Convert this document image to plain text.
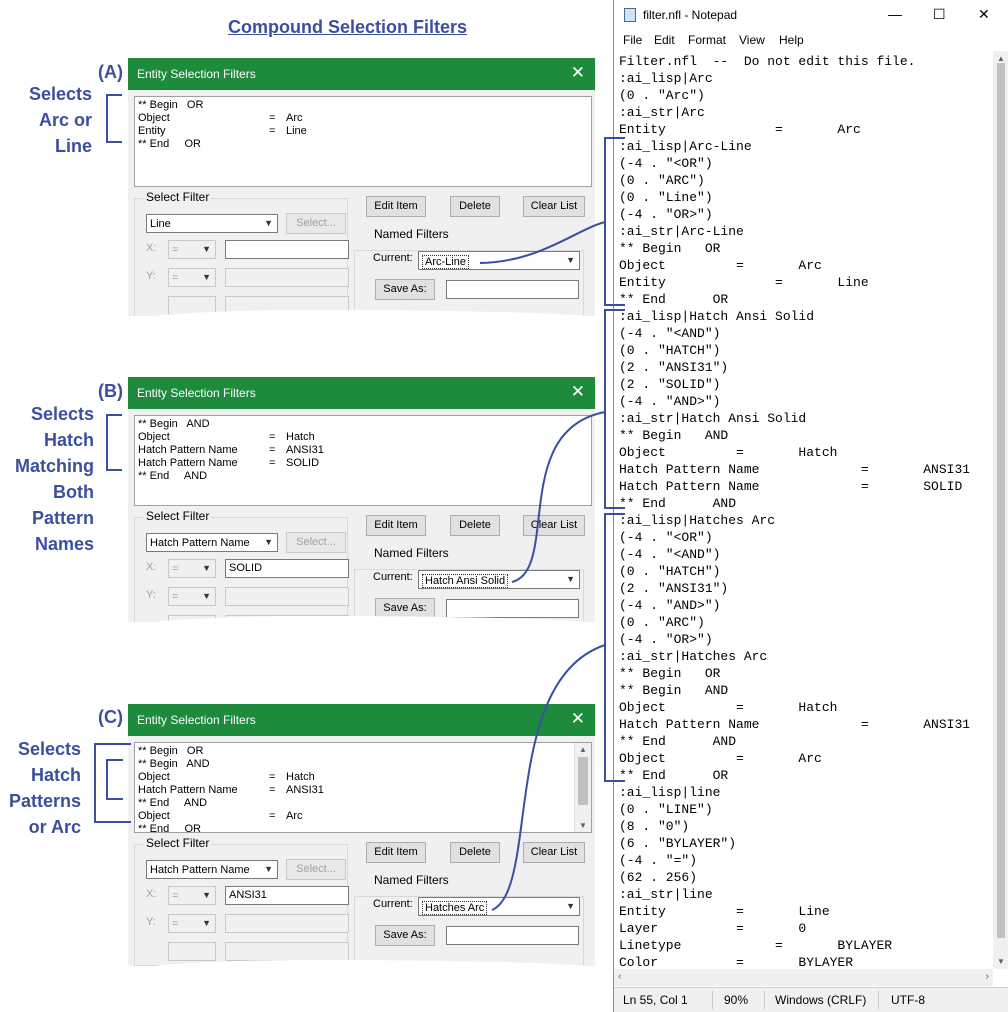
Compound Selection Filters
(A)
(B)
(C)
Selects
Arc or
Line
Selects
Hatch
Matching
Both
Pattern
Names
Selects
Hatch
Patterns
or Arc
Entity Selection Filters	✕
** Begin   OR
Object	= Arc
Entity	= Line
** End     OR
Select Filter
Line	▼	Select...
X: =	▼
Y: =	▼
Edit Item	Delete	Clear List
Named Filters
Current: Arc-Line	▼
Save As:
Entity Selection Filters	✕
** Begin   AND
Object	= Hatch
Hatch Pattern Name	= ANSI31
Hatch Pattern Name	= SOLID
** End     AND
Select Filter
Hatch Pattern Name ▼	Select...
X: =	▼ SOLID
Y: =	▼
Edit Item	Delete	Clear List
Named Filters
Current: Hatch Ansi Solid	▼
Save As:
Entity Selection Filters	✕
** Begin   OR
** Begin   AND
Object	= Hatch
Hatch Pattern Name	= ANSI31
** End     AND
Object	= Arc
** End     OR
▲
▼
Select Filter
Hatch Pattern Name ▼	Select...
X: =	▼ ANSI31
Y: =	▼
Edit Item	Delete	Clear List
Named Filters
Current: Hatches Arc	▼
Save As:
filter.nfl - Notepad	— ☐ ✕
File Edit Format View Help
Filter.nfl  --  Do not edit this file.
:ai_lisp|Arc
(0 . "Arc")
:ai_str|Arc
Entity              =       Arc
:ai_lisp|Arc-Line
(-4 . "<OR")
(0 . "ARC")
(0 . "Line")
(-4 . "OR>")
:ai_str|Arc-Line
** Begin   OR
Object         =       Arc
Entity              =       Line
** End      OR
:ai_lisp|Hatch Ansi Solid
(-4 . "<AND")
(0 . "HATCH")
(2 . "ANSI31")
(2 . "SOLID")
(-4 . "AND>")
:ai_str|Hatch Ansi Solid
** Begin   AND
Object         =       Hatch
Hatch Pattern Name             =       ANSI31
Hatch Pattern Name             =       SOLID
** End      AND
:ai_lisp|Hatches Arc
(-4 . "<OR")
(-4 . "<AND")
(0 . "HATCH")
(2 . "ANSI31")
(-4 . "AND>")
(0 . "ARC")
(-4 . "OR>")
:ai_str|Hatches Arc
** Begin   OR
** Begin   AND
Object         =       Hatch
Hatch Pattern Name             =       ANSI31
** End      AND
Object         =       Arc
** End      OR
:ai_lisp|line
(0 . "LINE")
(8 . "0")
(6 . "BYLAYER")
(-4 . "=")
(62 . 256)
:ai_str|line
Entity         =       Line
Layer          =       0
Linetype            =       BYLAYER
Color          =       BYLAYER
▲
▼
‹	›
Ln 55, Col 1	90% Windows (CRLF) UTF-8
